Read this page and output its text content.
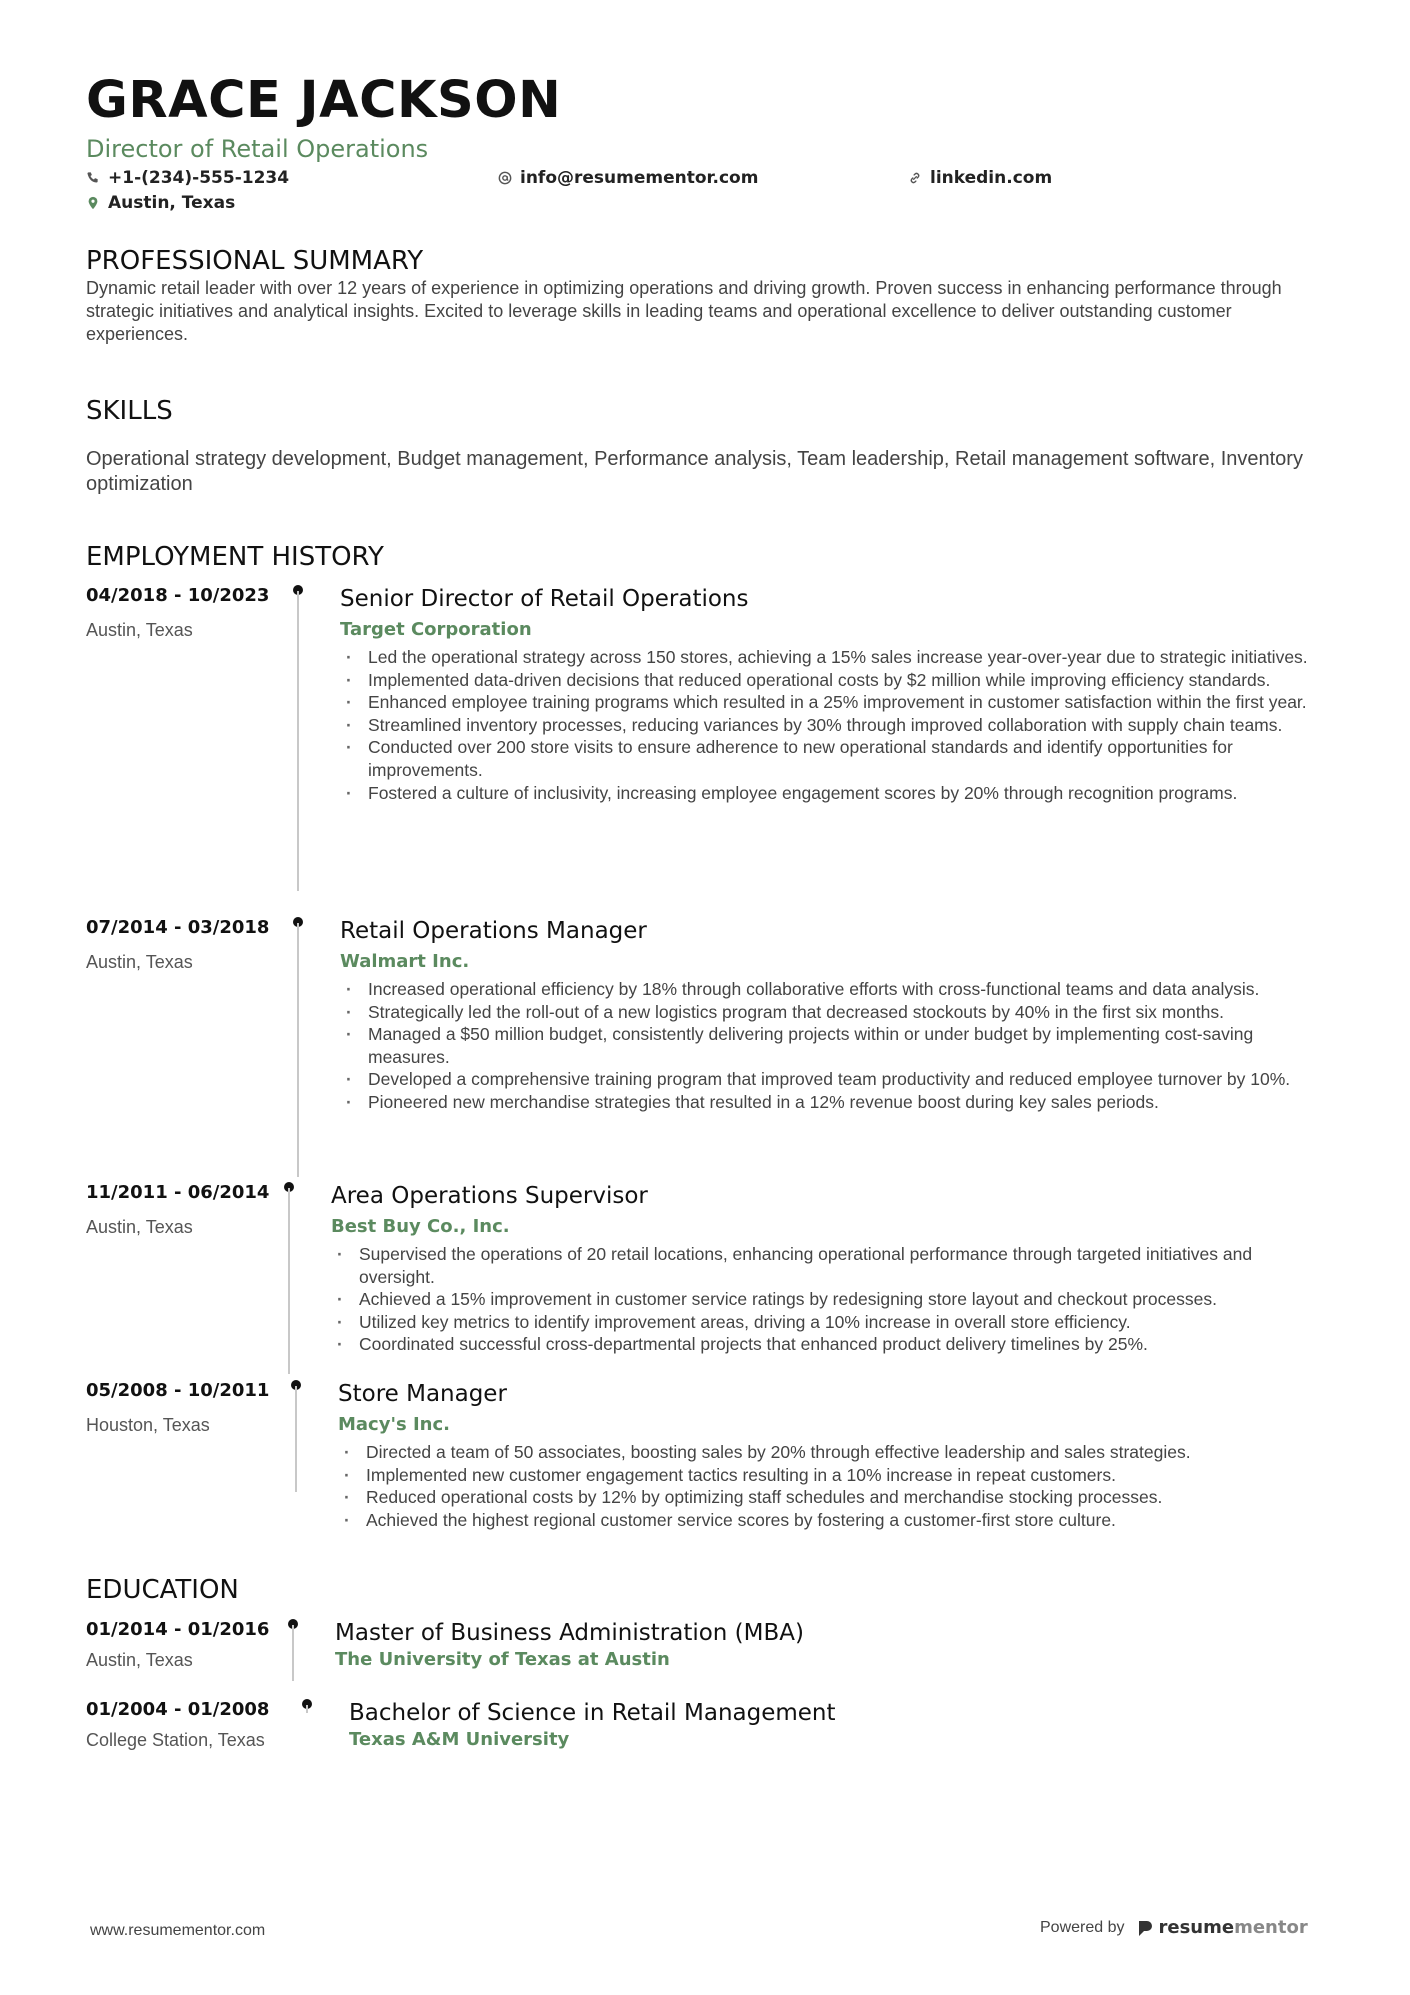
GRACE JACKSON
Director of Retail Operations
+1-(234)-555-1234	info@resumementor.com	linkedin.com
Austin, Texas
PROFESSIONAL SUMMARY
Dynamic retail leader with over 12 years of experience in optimizing operations and driving growth. Proven success in enhancing performance through strategic initiatives and analytical insights. Excited to leverage skills in leading teams and operational excellence to deliver outstanding customer experiences.
SKILLS
Operational strategy development, Budget management, Performance analysis, Team leadership, Retail management software, Inventory optimization
EMPLOYMENT HISTORY
04/2018 - 10/2023
Austin, Texas
Senior Director of Retail Operations
Target Corporation
· Led the operational strategy across 150 stores, achieving a 15% sales increase year-over-year due to strategic initiatives.
· Implemented data-driven decisions that reduced operational costs by $2 million while improving efficiency standards.
· Enhanced employee training programs which resulted in a 25% improvement in customer satisfaction within the first year.
· Streamlined inventory processes, reducing variances by 30% through improved collaboration with supply chain teams.
· Conducted over 200 store visits to ensure adherence to new operational standards and identify opportunities for improvements.
· Fostered a culture of inclusivity, increasing employee engagement scores by 20% through recognition programs.
07/2014 - 03/2018
Austin, Texas
Retail Operations Manager
Walmart Inc.
· Increased operational efficiency by 18% through collaborative efforts with cross-functional teams and data analysis.
· Strategically led the roll-out of a new logistics program that decreased stockouts by 40% in the first six months.
· Managed a $50 million budget, consistently delivering projects within or under budget by implementing cost-saving measures.
· Developed a comprehensive training program that improved team productivity and reduced employee turnover by 10%.
· Pioneered new merchandise strategies that resulted in a 12% revenue boost during key sales periods.
11/2011 - 06/2014
Austin, Texas
Area Operations Supervisor
Best Buy Co., Inc.
· Supervised the operations of 20 retail locations, enhancing operational performance through targeted initiatives and oversight.
· Achieved a 15% improvement in customer service ratings by redesigning store layout and checkout processes.
· Utilized key metrics to identify improvement areas, driving a 10% increase in overall store efficiency.
· Coordinated successful cross-departmental projects that enhanced product delivery timelines by 25%.
05/2008 - 10/2011
Houston, Texas
Store Manager
Macy's Inc.
· Directed a team of 50 associates, boosting sales by 20% through effective leadership and sales strategies.
· Implemented new customer engagement tactics resulting in a 10% increase in repeat customers.
· Reduced operational costs by 12% by optimizing staff schedules and merchandise stocking processes.
· Achieved the highest regional customer service scores by fostering a customer-first store culture.
EDUCATION
01/2014 - 01/2016
Austin, Texas
Master of Business Administration (MBA)
The University of Texas at Austin
01/2004 - 01/2008
College Station, Texas
Bachelor of Science in Retail Management
Texas A&M University
www.resumementor.com	Powered by resumementor
